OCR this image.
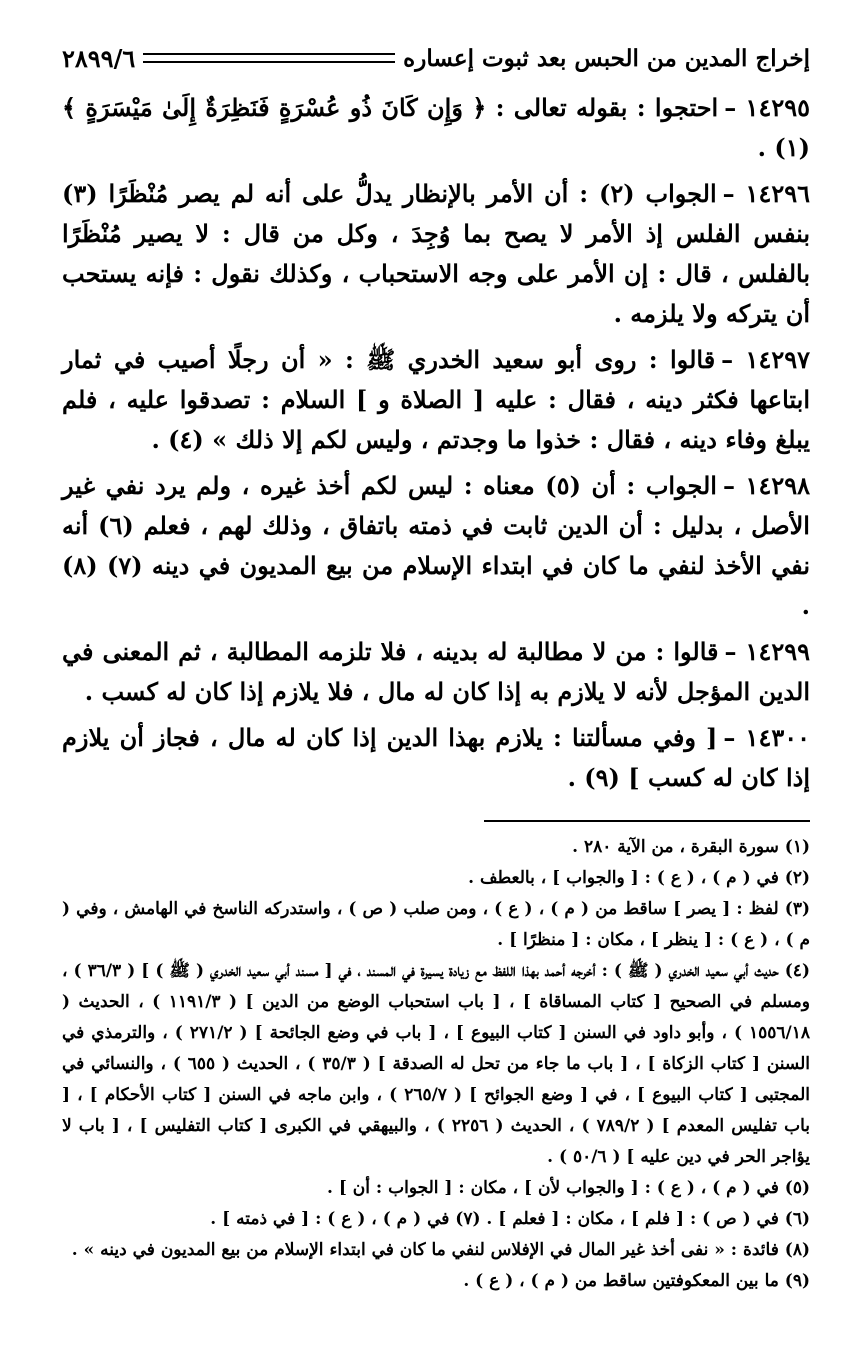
إخراج المدين من الحبس بعد ثبوت إعساره
٢٨٩٩/٦

١٤٢٩٥ –احتجوا : بقوله تعالى : ﴿ وَإِن كَانَ ذُو عُسْرَةٍ فَنَظِرَةٌ إِلَىٰ مَيْسَرَةٍ ﴾ (١) .

١٤٢٩٦ –الجواب (٢) : أن الأمر بالإنظار يدلُّ على أنه لم يصر مُنْظَرًا (٣) بنفس الفلس إذ الأمر لا يصح بما وُجِدَ ، وكل من قال : لا يصير مُنْظَرًا بالفلس ، قال : إن الأمر على وجه الاستحباب ، وكذلك نقول : فإنه يستحب أن يتركه ولا يلزمه .

١٤٢٩٧ –قالوا : روى أبو سعيد الخدري ﷺ : « أن رجلًا أصيب في ثمار ابتاعها فكثر دينه ، فقال : عليه [ الصلاة و ] السلام : تصدقوا عليه ، فلم يبلغ وفاء دينه ، فقال : خذوا ما وجدتم ، وليس لكم إلا ذلك » (٤) .

١٤٢٩٨ –الجواب : أن (٥) معناه : ليس لكم أخذ غيره ، ولم يرد نفي غير الأصل ، بدليل : أن الدين ثابت في ذمته باتفاق ، وذلك لهم ، فعلم (٦) أنه نفي الأخذ لنفي ما كان في ابتداء الإسلام من بيع المديون في دينه (٧) (٨) .

١٤٢٩٩ –قالوا : من لا مطالبة له بدينه ، فلا تلزمه المطالبة ، ثم المعنى في الدين المؤجل لأنه لا يلازم به إذا كان له مال ، فلا يلازم إذا كان له كسب .

١٤٣٠٠ –[ وفي مسألتنا : يلازم بهذا الدين إذا كان له مال ، فجاز أن يلازم إذا كان له كسب ] (٩) .

(١) سورة البقرة ، من الآية ٢٨٠ .

(٢) في ( م ) ، ( ع ) : [ والجواب ] ، بالعطف .

(٣) لفظ : [ يصر ] ساقط من ( م ) ، ( ع ) ، ومن صلب ( ص ) ، واستدركه الناسخ في الهامش ، وفي ( م ) ، ( ع ) : [ ينظر ] ، مكان : [ منظرًا ] .

(٤) حديث أبي سعيد الخدري ( ﷺ ) : أخرجه أحمد بهذا اللفظ مع زيادة يسيرة في المسند ، في [ مسند أبي سعيد الخدري ( ﷺ ) ] ( ٣٦/٣ ) ، ومسلم في الصحيح [ كتاب المساقاة ] ، [ باب استحباب الوضع من الدين ] ( ١١٩١/٣ ) ، الحديث ( ١٥٥٦/١٨ ) ، وأبو داود في السنن [ كتاب البيوع ] ، [ باب في وضع الجائحة ] ( ٢٧١/٢ ) ، والترمذي في السنن [ كتاب الزكاة ] ، [ باب ما جاء من تحل له الصدقة ] ( ٣٥/٣ ) ، الحديث ( ٦٥٥ ) ، والنسائي في المجتبى [ كتاب البيوع ] ، في [ وضع الجوائح ] ( ٢٦٥/٧ ) ، وابن ماجه في السنن [ كتاب الأحكام ] ، [ باب تفليس المعدم ] ( ٧٨٩/٢ ) ، الحديث ( ٢٢٥٦ ) ، والبيهقي في الكبرى [ كتاب التفليس ] ، [ باب لا يؤاجر الحر في دين عليه ] ( ٥٠/٦ ) .

(٥) في ( م ) ، ( ع ) : [ والجواب لأن ] ، مكان : [ الجواب : أن ] .

(٦) في ( ص ) : [ فلم ] ، مكان : [ فعلم ] . (٧) في ( م ) ، ( ع ) : [ في ذمته ] .

(٨) فائدة : « نفى أخذ غير المال في الإفلاس لنفي ما كان في ابتداء الإسلام من بيع المديون في دينه » .

(٩) ما بين المعكوفتين ساقط من ( م ) ، ( ع ) .
